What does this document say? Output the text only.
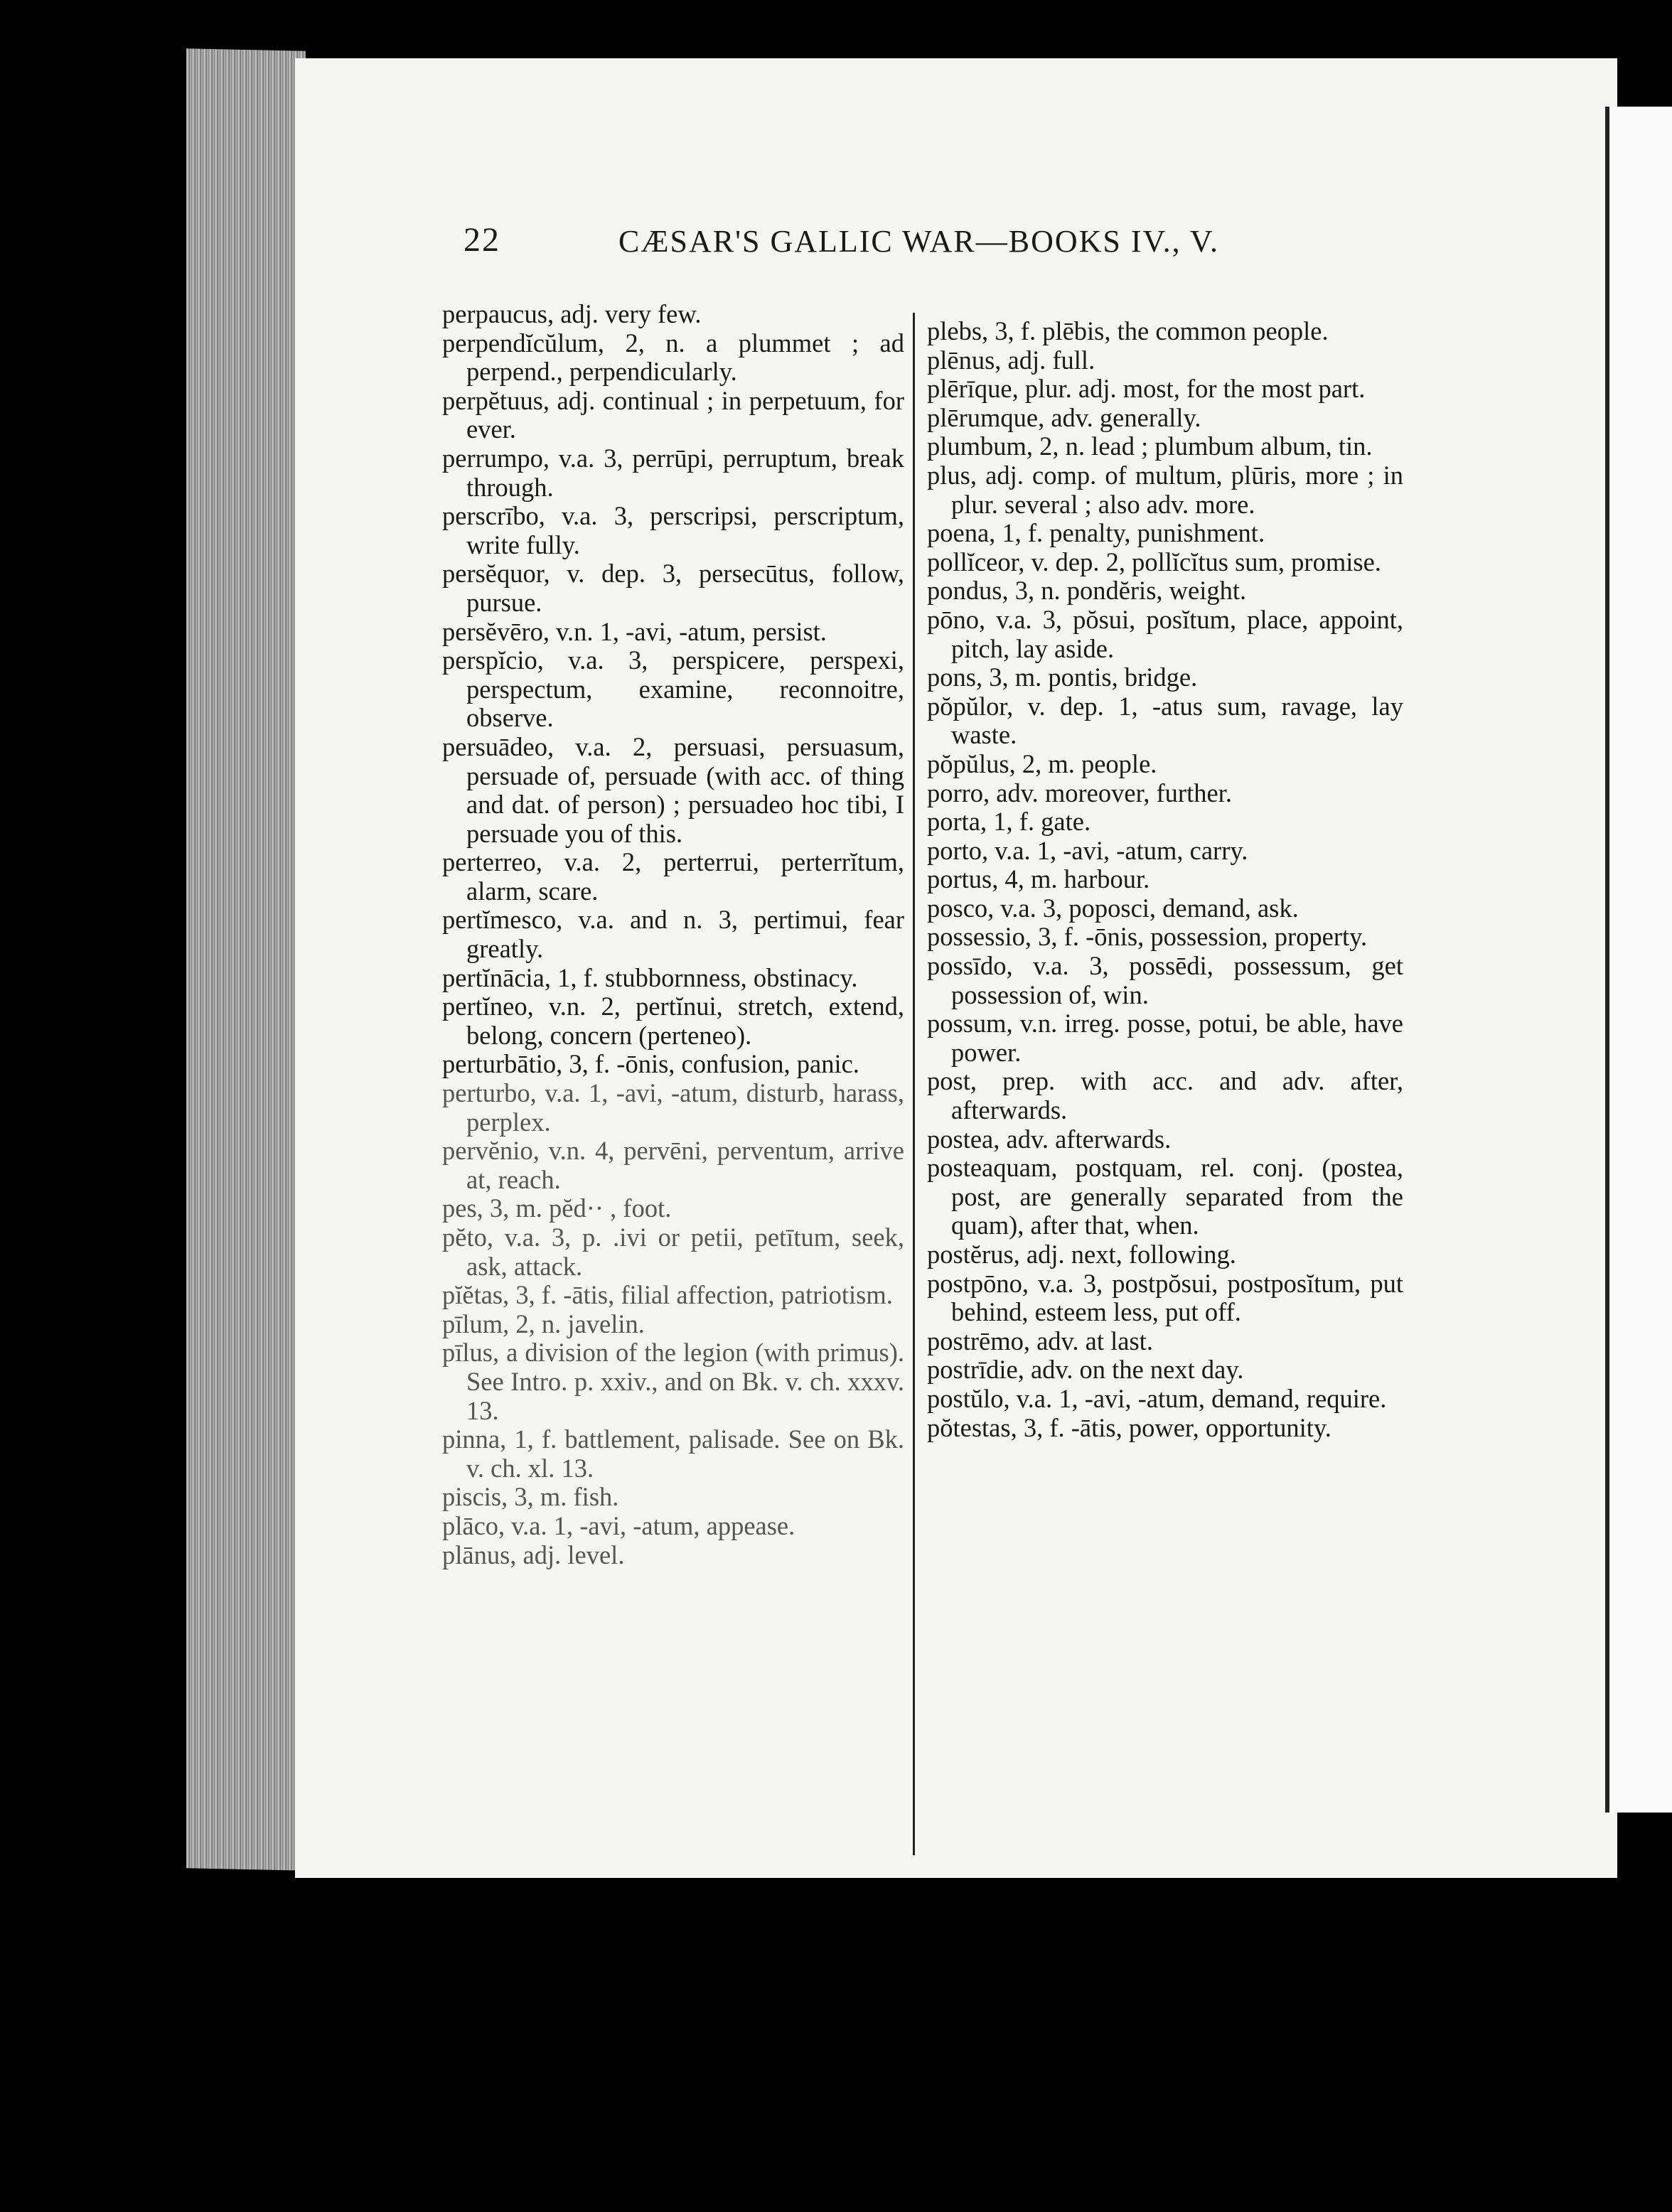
22	CÆSAR'S GALLIC WAR—BOOKS IV., V.

perpaucus, adj. very few.

perpendĭcŭlum, 2, n. a plummet ; ad perpend., perpendicularly.

perpĕtuus, adj. continual ; in perpetuum, for ever.

perrumpo, v.a. 3, perrūpi, perruptum, break through.

perscrībo, v.a. 3, perscripsi, perscriptum, write fully.

persĕquor, v. dep. 3, persecūtus, follow, pursue.

persĕvēro, v.n. 1, -avi, -atum, persist.

perspĭcio, v.a. 3, perspicere, perspexi, perspectum, examine, reconnoitre, observe.

persuādeo, v.a. 2, persuasi, persuasum, persuade of, persuade (with acc. of thing and dat. of person) ; persuadeo hoc tibi, I persuade you of this.

perterreo, v.a. 2, perterrui, perterrĭtum, alarm, scare.

pertĭmesco, v.a. and n. 3, pertimui, fear greatly.

pertĭnācia, 1, f. stubbornness, obstinacy.

pertĭneo, v.n. 2, pertĭnui, stretch, extend, belong, concern (perteneo).

perturbātio, 3, f. -ōnis, confusion, panic.

perturbo, v.a. 1, -avi, -atum, disturb, harass, perplex.

pervĕnio, v.n. 4, pervēni, perventum, arrive at, reach.

pes, 3, m. pĕd·· , foot.

pĕto, v.a. 3, p. .ivi or petii, petītum, seek, ask, attack.

pĭĕtas, 3, f. -ātis, filial affection, patriotism.

pīlum, 2, n. javelin.

pīlus, a division of the legion (with primus). See Intro. p. xxiv., and on Bk. v. ch. xxxv. 13.

pinna, 1, f. battlement, palisade. See on Bk. v. ch. xl. 13.

piscis, 3, m. fish.

plāco, v.a. 1, -avi, -atum, appease.

plānus, adj. level.

plebs, 3, f. plēbis, the common people.

plēnus, adj. full.

plērīque, plur. adj. most, for the most part.

plērumque, adv. generally.

plumbum, 2, n. lead ; plumbum album, tin.

plus, adj. comp. of multum, plūris, more ; in plur. several ; also adv. more.

poena, 1, f. penalty, punishment.

pollĭceor, v. dep. 2, pollĭcĭtus sum, promise.

pondus, 3, n. pondĕris, weight.

pōno, v.a. 3, pŏsui, posĭtum, place, appoint, pitch, lay aside.

pons, 3, m. pontis, bridge.

pŏpŭlor, v. dep. 1, -atus sum, ravage, lay waste.

pŏpŭlus, 2, m. people.

porro, adv. moreover, further.

porta, 1, f. gate.

porto, v.a. 1, -avi, -atum, carry.

portus, 4, m. harbour.

posco, v.a. 3, poposci, demand, ask.

possessio, 3, f. -ōnis, possession, property.

possīdo, v.a. 3, possēdi, possessum, get possession of, win.

possum, v.n. irreg. posse, potui, be able, have power.

post, prep. with acc. and adv. after, afterwards.

postea, adv. afterwards.

posteaquam, postquam, rel. conj. (postea, post, are generally separated from the quam), after that, when.

postĕrus, adj. next, following.

postpōno, v.a. 3, postpŏsui, postposĭtum, put behind, esteem less, put off.

postrēmo, adv. at last.

postrīdie, adv. on the next day.

postŭlo, v.a. 1, -avi, -atum, demand, require.

pŏtestas, 3, f. -ātis, power, opportunity.
